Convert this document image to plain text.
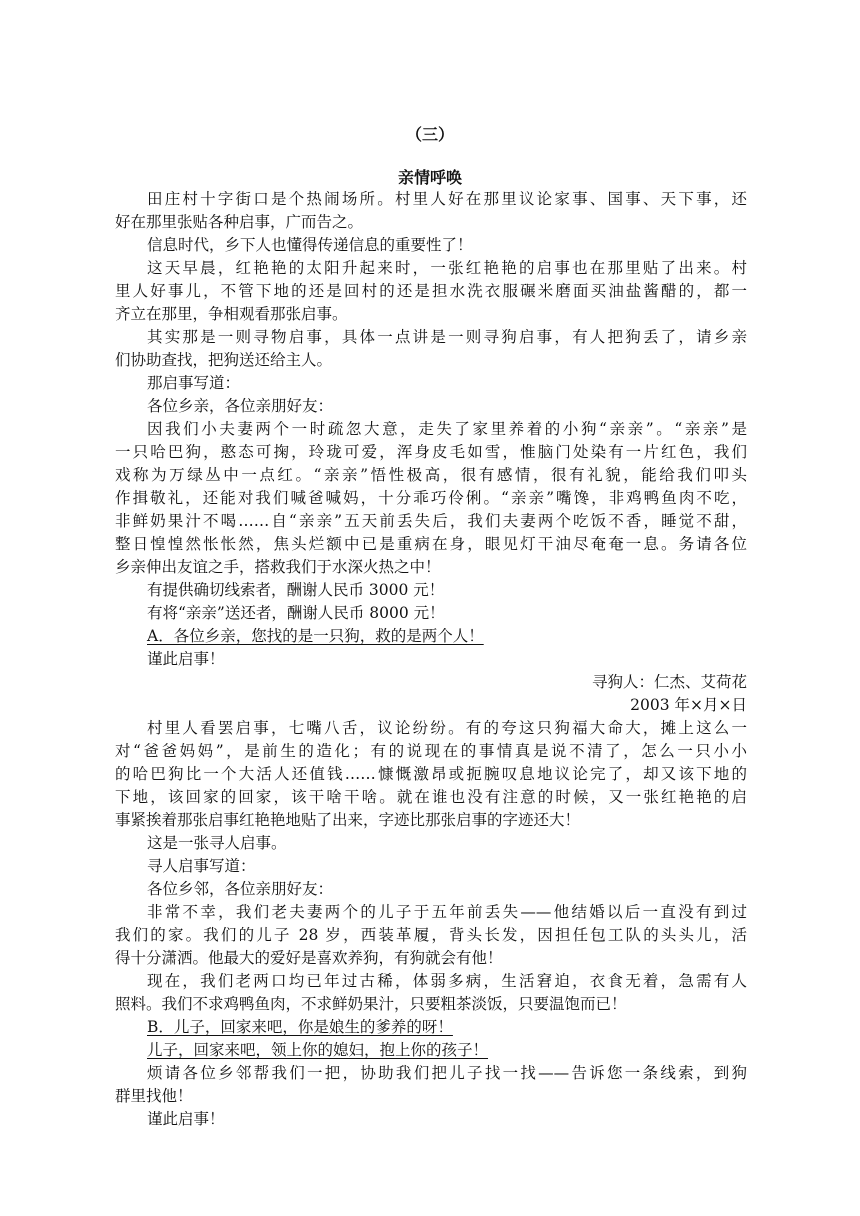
（三）
亲情呼唤
田庄村十字街口是个热闹场所。村里人好在那里议论家事、国事、天下事，还
好在那里张贴各种启事，广而告之。
信息时代，乡下人也懂得传递信息的重要性了！
这天早晨，红艳艳的太阳升起来时，一张红艳艳的启事也在那里贴了出来。村
里人好事儿，不管下地的还是回村的还是担水洗衣服碾米磨面买油盐酱醋的，都一
齐立在那里，争相观看那张启事。
其实那是一则寻物启事，具体一点讲是一则寻狗启事，有人把狗丢了，请乡亲
们协助查找，把狗送还给主人。
那启事写道：
各位乡亲，各位亲朋好友：
因我们小夫妻两个一时疏忽大意，走失了家里养着的小狗“亲亲”。“亲亲”是
一只哈巴狗，憨态可掬，玲珑可爱，浑身皮毛如雪，惟脑门处染有一片红色，我们
戏称为万绿丛中一点红。“亲亲”悟性极高，很有感情，很有礼貌，能给我们叩头
作揖敬礼，还能对我们喊爸喊妈，十分乖巧伶俐。“亲亲”嘴馋，非鸡鸭鱼肉不吃，
非鲜奶果汁不喝……自“亲亲”五天前丢失后，我们夫妻两个吃饭不香，睡觉不甜，
整日惶惶然怅怅然，焦头烂额中已是重病在身，眼见灯干油尽奄奄一息。务请各位
乡亲伸出友谊之手，搭救我们于水深火热之中！
有提供确切线索者，酬谢人民币 3000 元！
有将“亲亲”送还者，酬谢人民币 8000 元！
A．各位乡亲，您找的是一只狗，救的是两个人！
谨此启事！
寻狗人：仁杰、艾荷花
2003 年×月×日
村里人看罢启事，七嘴八舌，议论纷纷。有的夸这只狗福大命大，摊上这么一
对“爸爸妈妈”，是前生的造化；有的说现在的事情真是说不清了，怎么一只小小
的哈巴狗比一个大活人还值钱……慷慨激昂或扼腕叹息地议论完了，却又该下地的
下地，该回家的回家，该干啥干啥。就在谁也没有注意的时候，又一张红艳艳的启
事紧挨着那张启事红艳艳地贴了出来，字迹比那张启事的字迹还大！
这是一张寻人启事。
寻人启事写道：
各位乡邻，各位亲朋好友：
非常不幸，我们老夫妻两个的儿子于五年前丢失——他结婚以后一直没有到过
我们的家。我们的儿子 28 岁，西装革履，背头长发，因担任包工队的头头儿，活
得十分潇洒。他最大的爱好是喜欢养狗，有狗就会有他！
现在，我们老两口均已年过古稀，体弱多病，生活窘迫，衣食无着，急需有人
照料。我们不求鸡鸭鱼肉，不求鲜奶果汁，只要粗茶淡饭，只要温饱而已！
B．儿子，回家来吧，你是娘生的爹养的呀！
儿子，回家来吧，领上你的媳妇，抱上你的孩子！
烦请各位乡邻帮我们一把，协助我们把儿子找一找——告诉您一条线索，到狗
群里找他！
谨此启事！
